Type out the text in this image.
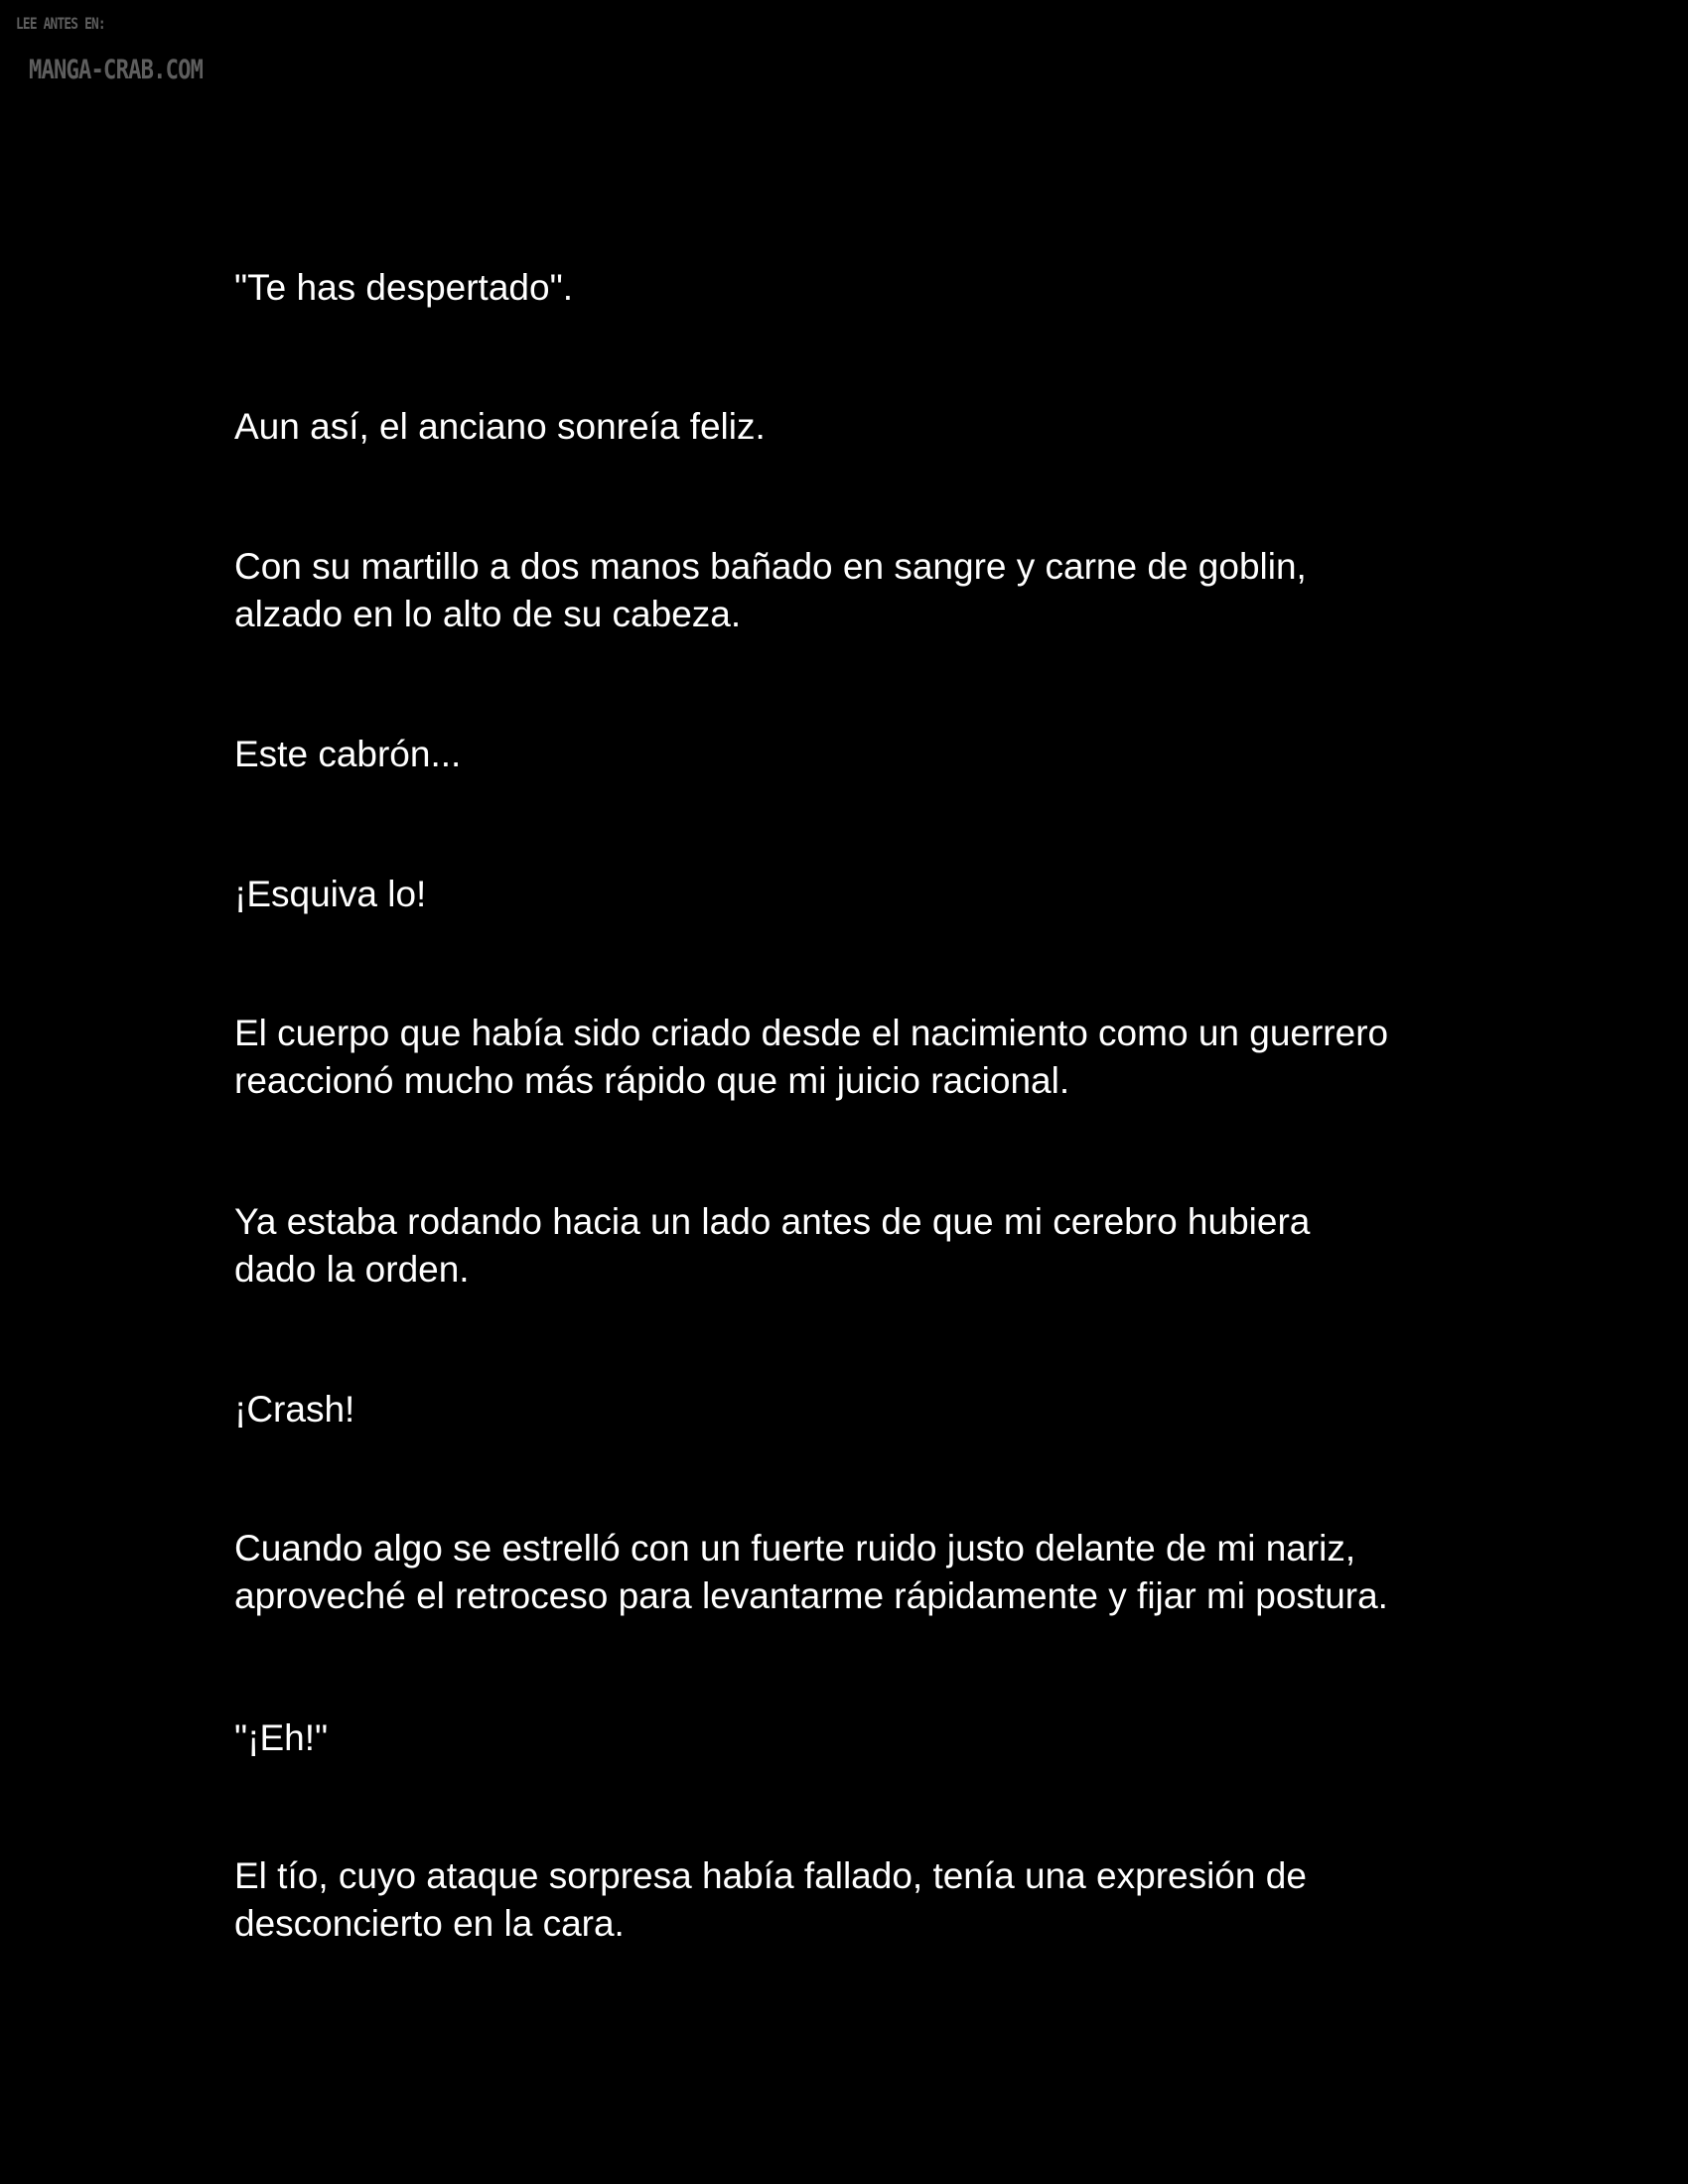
LEE ANTES EN:
MANGA-CRAB.COM

"Te has despertado".

Aun así, el anciano sonreía feliz.

Con su martillo a dos manos bañado en sangre y carne de goblin,
alzado en lo alto de su cabeza.

Este cabrón...

¡Esquiva lo!

El cuerpo que había sido criado desde el nacimiento como un guerrero
reaccionó mucho más rápido que mi juicio racional.

Ya estaba rodando hacia un lado antes de que mi cerebro hubiera
dado la orden.

¡Crash!

Cuando algo se estrelló con un fuerte ruido justo delante de mi nariz,
aproveché el retroceso para levantarme rápidamente y fijar mi postura.

"¡Eh!"

El tío, cuyo ataque sorpresa había fallado, tenía una expresión de
desconcierto en la cara.
